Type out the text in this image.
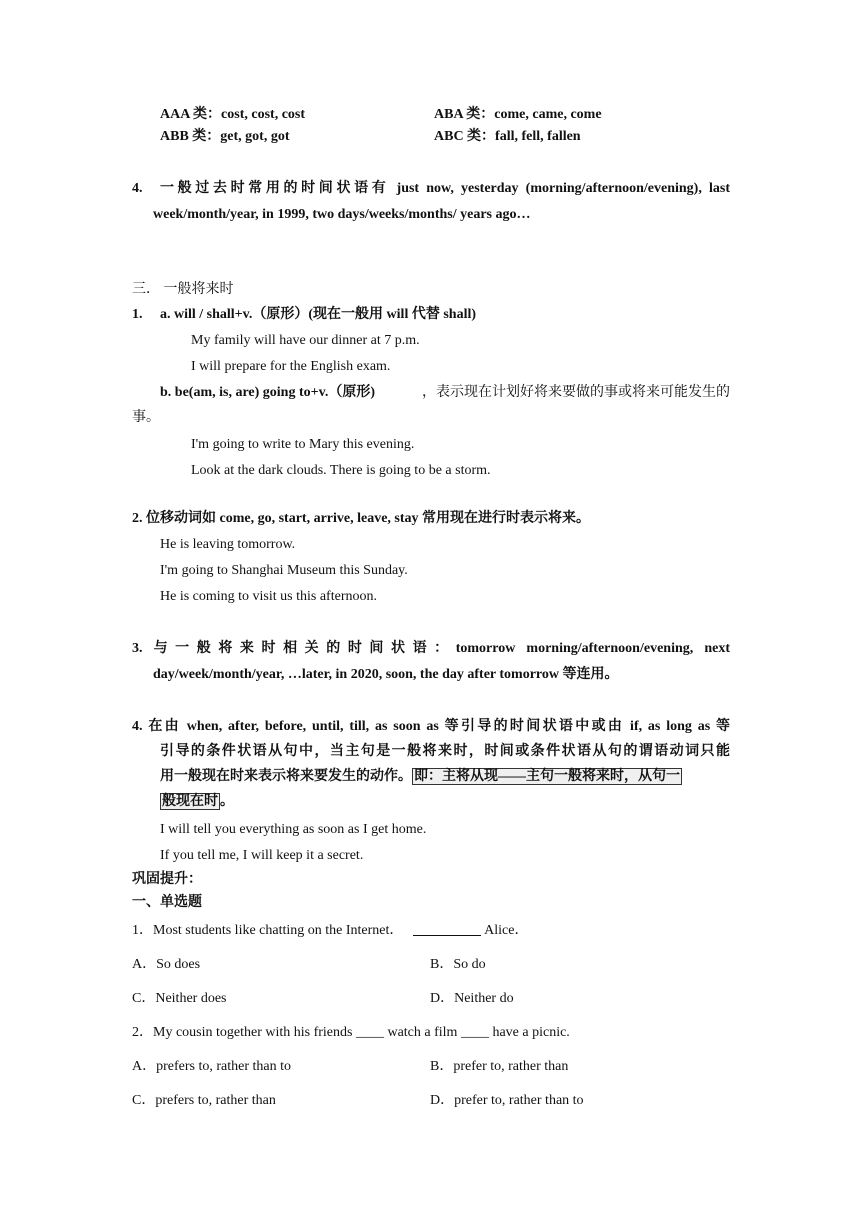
AAA 类：cost, cost, cost	ABA 类：come, came, come
ABB 类：get, got, got	ABC 类：fall, fell, fallen
4. 一般过去时常用的时间状语有 just now, yesterday (morning/afternoon/evening), last
week/month/year, in 1999, two days/weeks/months/ years ago…
三． 一般将来时
1. a. will / shall+v.（原形）(现在一般用 will 代替 shall)
My family will have our dinner at 7 p.m.
I will prepare for the English exam.
b. be(am, is, are) going to+v.（原形)	，表示现在计划好将来要做的事或将来可能发生的
事。
I'm going to write to Mary this evening.
Look at the dark clouds. There is going to be a storm.
2. 位移动词如 come, go, start, arrive, leave, stay 常用现在进行时表示将来。
He is leaving tomorrow.
I'm going to Shanghai Museum this Sunday.
He is coming to visit us this afternoon.
3. 与一般将来时相关的时间状语：tomorrow morning/afternoon/evening, next
day/week/month/year, …later, in 2020, soon, the day after tomorrow 等连用。
4. 在由 when, after, before, until, till, as soon as 等引导的时间状语中或由 if, as long as 等
引导的条件状语从句中，当主句是一般将来时，时间或条件状语从句的谓语动词只能
用一般现在时来表示将来要发生的动作。 即：主将从现——主句一般将来时，从句一
般现在时 。
I will tell you everything as soon as I get home.
If you tell me, I will keep it a secret.
巩固提升：
一、单选题
1．Most students like chatting on the Internet．	Alice．
A．So does	B．So do
C．Neither does	D．Neither do
2．My cousin together with his friends ____ watch a film ____ have a picnic.
A．prefers to, rather than to	B．prefer to, rather than
C．prefers to, rather than	D．prefer to, rather than to
